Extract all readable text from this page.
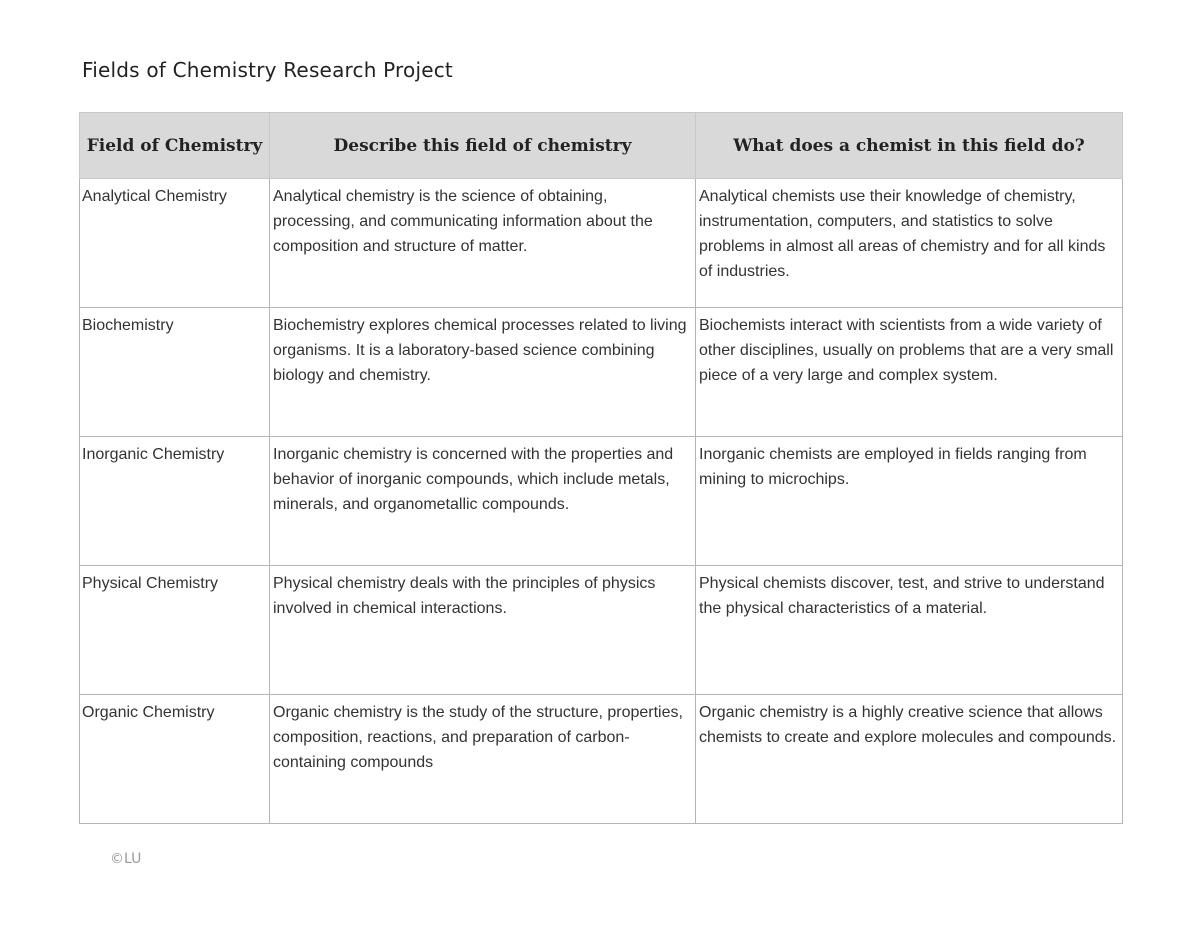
Fields of Chemistry Research Project
Field of Chemistry	Describe this field of chemistry	What does a chemist in this field do?
Analytical Chemistry	Analytical chemistry is the science of obtaining, processing, and communicating information about the composition and structure of matter.	Analytical chemists use their knowledge of chemistry, instrumentation, computers, and statistics to solve problems in almost all areas of chemistry and for all kinds of industries.
Biochemistry	Biochemistry explores chemical processes related to living organisms. It is a laboratory-based science combining biology and chemistry.	Biochemists interact with scientists from a wide variety of other disciplines, usually on problems that are a very small piece of a very large and complex system.
Inorganic Chemistry	Inorganic chemistry is concerned with the properties and behavior of inorganic compounds, which include metals, minerals, and organometallic compounds.	Inorganic chemists are employed in fields ranging from mining to microchips.
Physical Chemistry	Physical chemistry deals with the principles of physics involved in chemical interactions.	Physical chemists discover, test, and strive to understand the physical characteristics of a material.
Organic Chemistry	Organic chemistry is the study of the structure, properties, composition, reactions, and preparation of carbon-containing compounds	Organic chemistry is a highly creative science that allows chemists to create and explore molecules and compounds.
©LU
